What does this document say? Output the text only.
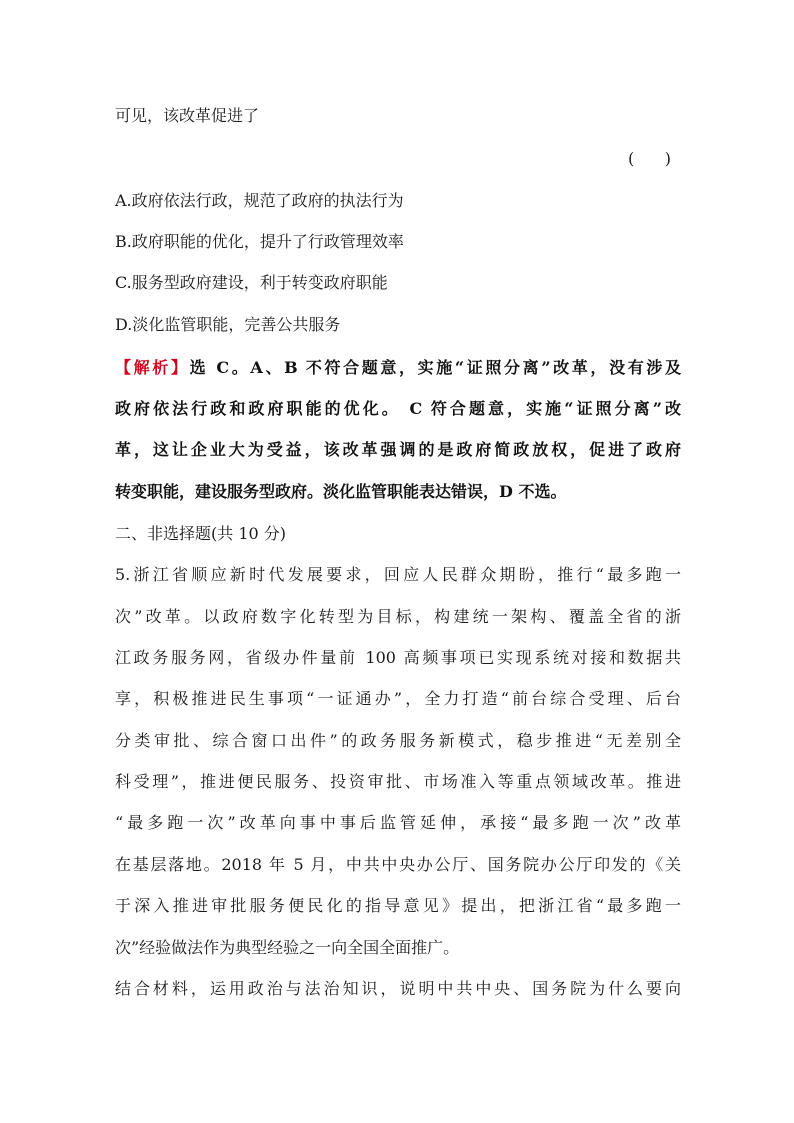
可见，该改革促进了
(      )
A.政府依法行政，规范了政府的执法行为
B.政府职能的优化，提升了行政管理效率
C.服务型政府建设，利于转变政府职能
D.淡化监管职能，完善公共服务
【解析】选 C。A、B 不符合题意，实施“证照分离”改革，没有涉及
政府依法行政和政府职能的优化。 C 符合题意，实施“证照分离”改
革，这让企业大为受益，该改革强调的是政府简政放权，促进了政府
转变职能，建设服务型政府。淡化监管职能表达错误，D 不选。
二、非选择题(共 10 分)
5.浙江省顺应新时代发展要求，回应人民群众期盼，推行“最多跑一
次”改革。以政府数字化转型为目标，构建统一架构、覆盖全省的浙
江政务服务网，省级办件量前 100 高频事项已实现系统对接和数据共
享，积极推进民生事项“一证通办”，全力打造“前台综合受理、后台
分类审批、综合窗口出件”的政务服务新模式，稳步推进“无差别全
科受理”，推进便民服务、投资审批、市场准入等重点领域改革。推进
“最多跑一次”改革向事中事后监管延伸，承接“最多跑一次”改革
在基层落地。2018 年 5 月，中共中央办公厅、国务院办公厅印发的《关
于深入推进审批服务便民化的指导意见》提出，把浙江省“最多跑一
次”经验做法作为典型经验之一向全国全面推广。
结合材料，运用政治与法治知识，说明中共中央、国务院为什么要向
